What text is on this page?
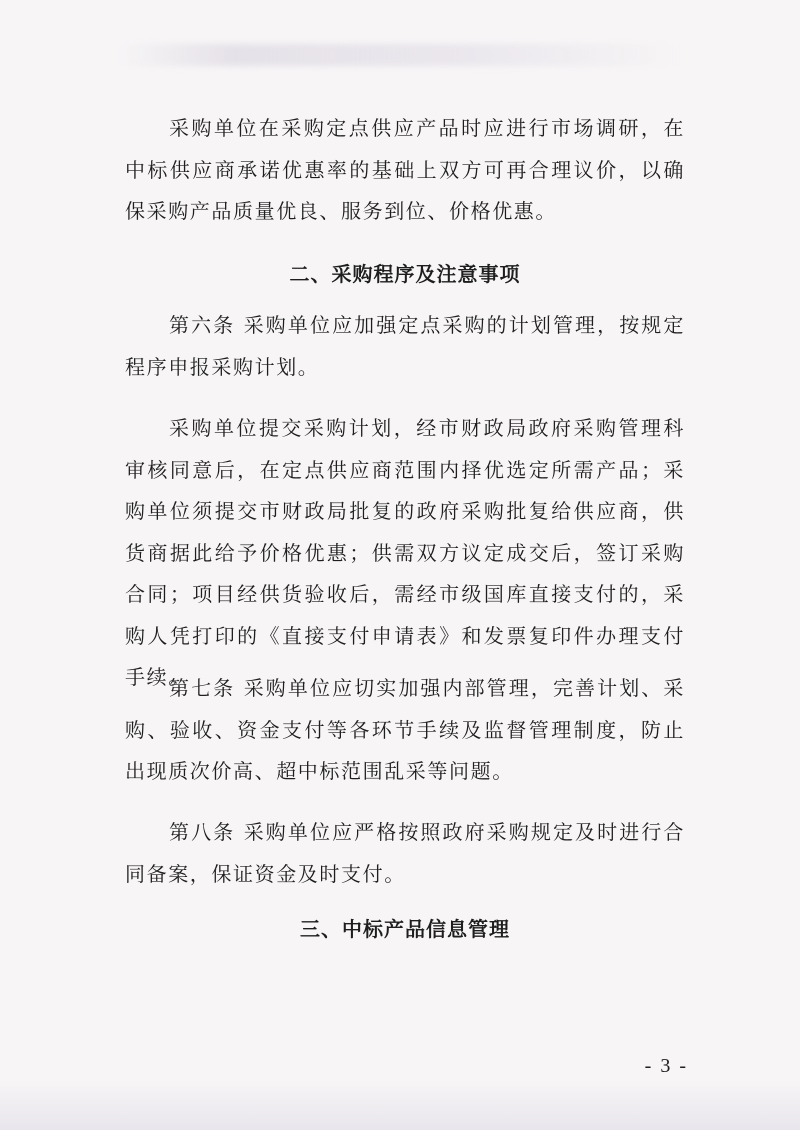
采购单位在采购定点供应产品时应进行市场调研，在中标供应商承诺优惠率的基础上双方可再合理议价，以确保采购产品质量优良、服务到位、价格优惠。

二、采购程序及注意事项

第六条 采购单位应加强定点采购的计划管理，按规定程序申报采购计划。

采购单位提交采购计划，经市财政局政府采购管理科审核同意后，在定点供应商范围内择优选定所需产品；采购单位须提交市财政局批复的政府采购批复给供应商，供货商据此给予价格优惠；供需双方议定成交后，签订采购合同；项目经供货验收后，需经市级国库直接支付的，采购人凭打印的《直接支付申请表》和发票复印件办理支付手续。

第七条 采购单位应切实加强内部管理，完善计划、采购、验收、资金支付等各环节手续及监督管理制度，防止出现质次价高、超中标范围乱采等问题。

第八条 采购单位应严格按照政府采购规定及时进行合同备案，保证资金及时支付。

三、中标产品信息管理
- 3 -
